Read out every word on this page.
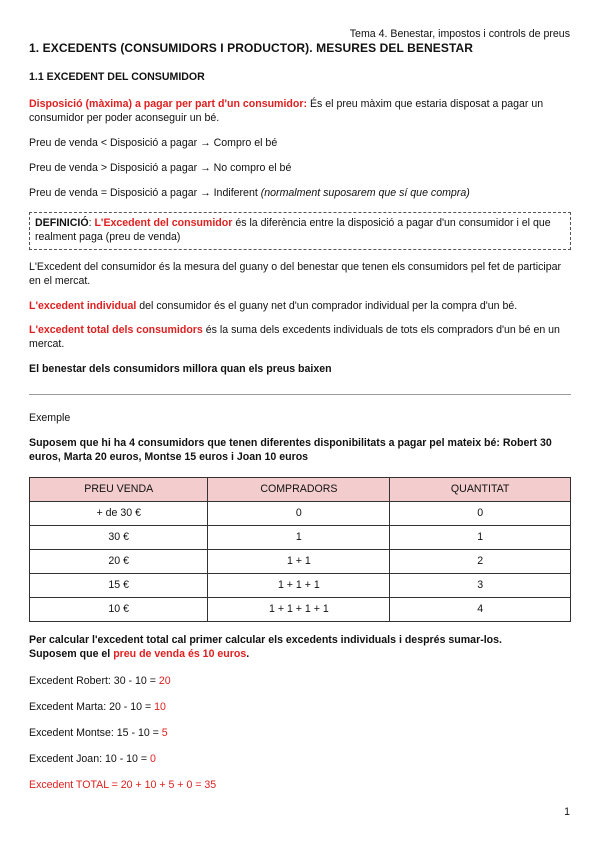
Tema 4. Benestar, impostos i controls de preus
1. EXCEDENTS (CONSUMIDORS I PRODUCTOR). MESURES DEL BENESTAR
1.1 EXCEDENT DEL CONSUMIDOR

Disposició (màxima) a pagar per part d'un consumidor: És el preu màxim que estaria disposat a pagar un consumidor per poder aconseguir un bé.

Preu de venda < Disposició a pagar → Compro el bé

Preu de venda > Disposició a pagar → No compro el bé

Preu de venda = Disposició a pagar → Indiferent (normalment suposarem que sí que compra)

DEFINICIÓ: L'Excedent del consumidor és la diferència entre la disposició a pagar d'un consumidor i el que realment paga (preu de venda)

L'Excedent del consumidor és la mesura del guany o del benestar que tenen els consumidors pel fet de participar en el mercat.

L'excedent individual del consumidor és el guany net d'un comprador individual per la compra d'un bé.

L'excedent total dels consumidors és la suma dels excedents individuals de tots els compradors d'un bé en un mercat.

El benestar dels consumidors millora quan els preus baixen

Exemple

Suposem que hi ha 4 consumidors que tenen diferentes disponibilitats a pagar pel mateix bé: Robert 30 euros, Marta 20 euros, Montse 15 euros i Joan 10 euros

PREU VENDA	COMPRADORS	QUANTITAT
+ de 30 €	0	0
30 €	1	1
20 €	1 + 1	2
15 €	1 + 1 + 1	3
10 €	1 + 1 + 1 + 1	4

Per calcular l'excedent total cal primer calcular els excedents individuals i després sumar-los.
Suposem que el preu de venda és 10 euros.

Excedent Robert: 30 - 10 = 20

Excedent Marta: 20 - 10 = 10

Excedent Montse: 15 - 10 = 5

Excedent Joan: 10 - 10 = 0

Excedent TOTAL = 20 + 10 + 5 + 0 = 35

1
